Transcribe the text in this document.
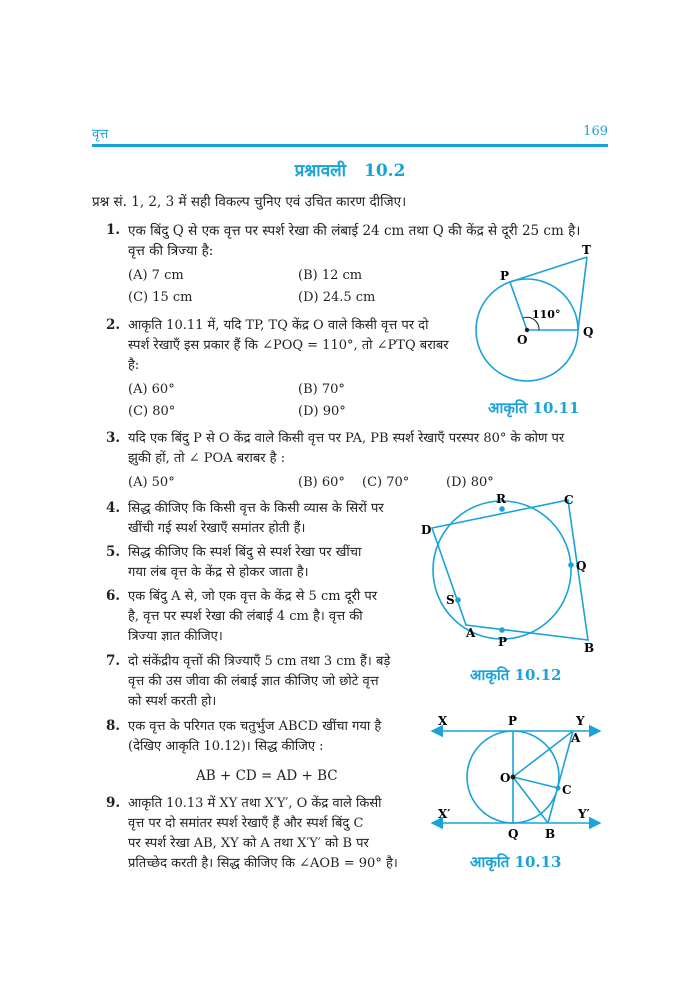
वृत्त	169
प्रश्नावली 10.2
प्रश्न सं. 1, 2, 3 में सही विकल्प चुनिए एवं उचित कारण दीजिए।
1. एक बिंदु Q से एक वृत्त पर स्पर्श रेखा की लंबाई 24 cm तथा Q की केंद्र से दूरी 25 cm है।
वृत्त की त्रिज्या है:
(A) 7 cm	(B) 12 cm
(C) 15 cm	(D) 24.5 cm
2. आकृति 10.11 में, यदि TP, TQ केंद्र O वाले किसी वृत्त पर दो
स्पर्श रेखाएँ इस प्रकार हैं कि ∠POQ = 110°, तो ∠PTQ बराबर
है:
(A) 60°	(B) 70°
(C) 80°	(D) 90°
T
P
O
Q
110°
आकृति 10.11
3. यदि एक बिंदु P से O केंद्र वाले किसी वृत्त पर PA, PB स्पर्श रेखाएँ परस्पर 80° के कोण पर
झुकी हों, तो ∠ POA बराबर है :
(A) 50°	(B) 60° (C) 70°	(D) 80°
4. सिद्ध कीजिए कि किसी वृत्त के किसी व्यास के सिरों पर
खींची गई स्पर्श रेखाएँ समांतर होती हैं।
5. सिद्ध कीजिए कि स्पर्श बिंदु से स्पर्श रेखा पर खींचा
गया लंब वृत्त के केंद्र से होकर जाता है।
6. एक बिंदु A से, जो एक वृत्त के केंद्र से 5 cm दूरी पर
है, वृत्त पर स्पर्श रेखा की लंबाई 4 cm है। वृत्त की
त्रिज्या ज्ञात कीजिए।
D
R	C
Q
S
A
P	B
आकृति 10.12
7. दो संकेंद्रीय वृत्तों की त्रिज्याएँ 5 cm तथा 3 cm हैं। बड़े
वृत्त की उस जीवा की लंबाई ज्ञात कीजिए जो छोटे वृत्त
को स्पर्श करती हो।
8. एक वृत्त के परिगत एक चतुर्भुज ABCD खींचा गया है
(देखिए आकृति 10.12)। सिद्ध कीजिए :
AB + CD = AD + BC
9. आकृति 10.13 में XY तथा X′Y′, O केंद्र वाले किसी
वृत्त पर दो समांतर स्पर्श रेखाएँ हैं और स्पर्श बिंदु C
पर स्पर्श रेखा AB, XY को A तथा X′Y′ को B पर
प्रतिच्छेद करती है। सिद्ध कीजिए कि ∠AOB = 90° है।
X	P	Y
A
O
C
X′	Y′
Q B
आकृति 10.13
